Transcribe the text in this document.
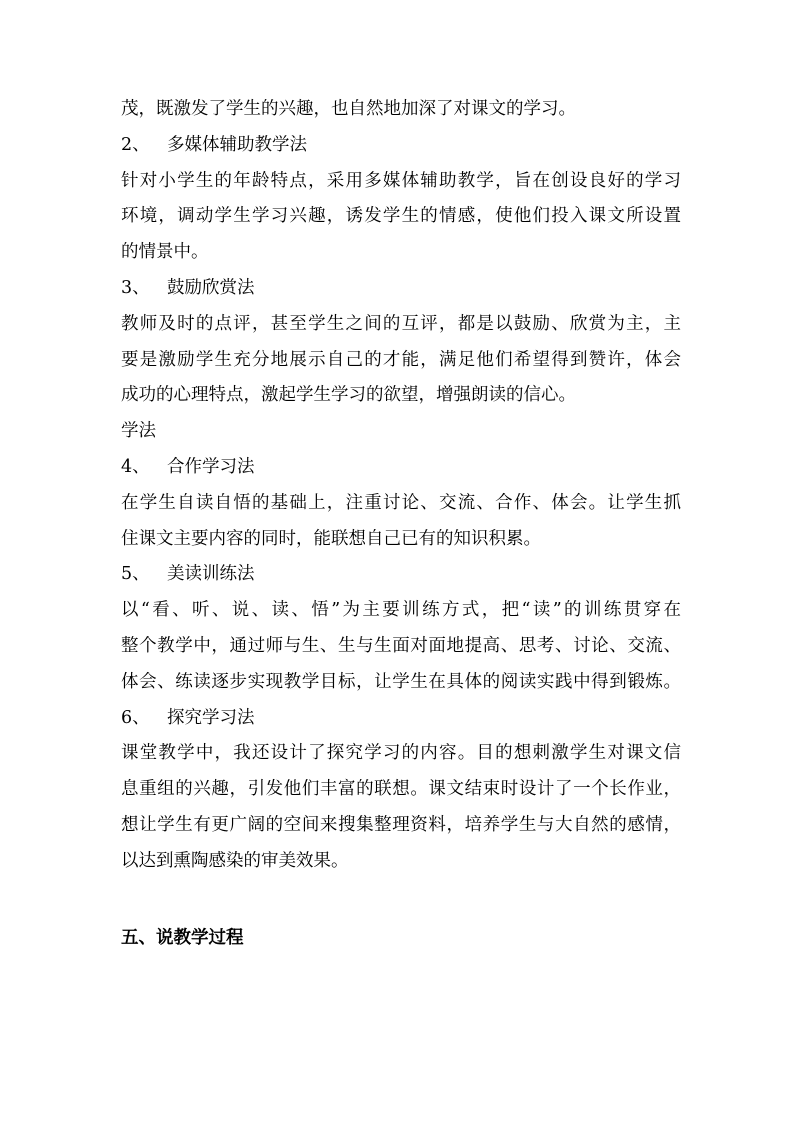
茂，既激发了学生的兴趣，也自然地加深了对课文的学习。

2、 多媒体辅助教学法

针对小学生的年龄特点，采用多媒体辅助教学，旨在创设良好的学习

环境，调动学生学习兴趣，诱发学生的情感，使他们投入课文所设置

的情景中。

3、 鼓励欣赏法

教师及时的点评，甚至学生之间的互评，都是以鼓励、欣赏为主，主

要是激励学生充分地展示自己的才能，满足他们希望得到赞许，体会

成功的心理特点，激起学生学习的欲望，增强朗读的信心。

学法

4、 合作学习法

在学生自读自悟的基础上，注重讨论、交流、合作、体会。让学生抓

住课文主要内容的同时，能联想自己已有的知识积累。

5、 美读训练法

以“看、听、说、读、悟”为主要训练方式，把“读”的训练贯穿在

整个教学中，通过师与生、生与生面对面地提高、思考、讨论、交流、

体会、练读逐步实现教学目标，让学生在具体的阅读实践中得到锻炼。

6、 探究学习法

课堂教学中，我还设计了探究学习的内容。目的想刺激学生对课文信

息重组的兴趣，引发他们丰富的联想。课文结束时设计了一个长作业，

想让学生有更广阔的空间来搜集整理资料，培养学生与大自然的感情，

以达到熏陶感染的审美效果。

五、说教学过程
